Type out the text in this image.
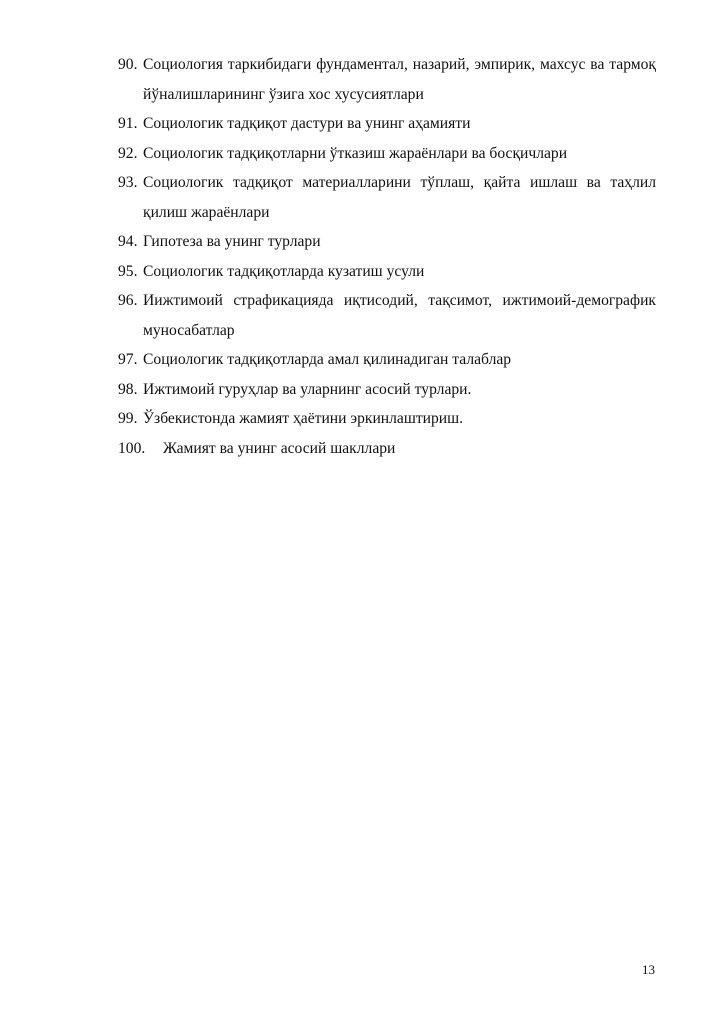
90. Социология таркибидаги фундаментал, назарий, эмпирик, махсус ва тармоқ йўналишларининг ўзига хос хусусиятлари
91. Социологик тадқиқот дастури ва унинг аҳамияти
92. Социологик тадқиқотларни ўтказиш жараёнлари ва босқичлари
93. Социологик тадқиқот материалларини тўплаш, қайта ишлаш ва таҳлил қилиш жараёнлари
94. Гипотеза ва унинг турлари
95. Социологик тадқиқотларда кузатиш усули
96. Иижтимоий страфикацияда иқтисодий, тақсимот, ижтимоий-демографик муносабатлар
97. Социологик тадқиқотларда амал қилинадиган талаблар
98. Ижтимоий гуруҳлар ва уларнинг асосий турлари.
99. Ўзбекистонда жамият ҳаётини эркинлаштириш.
100.	Жамият ва унинг асосий шакллари
13
